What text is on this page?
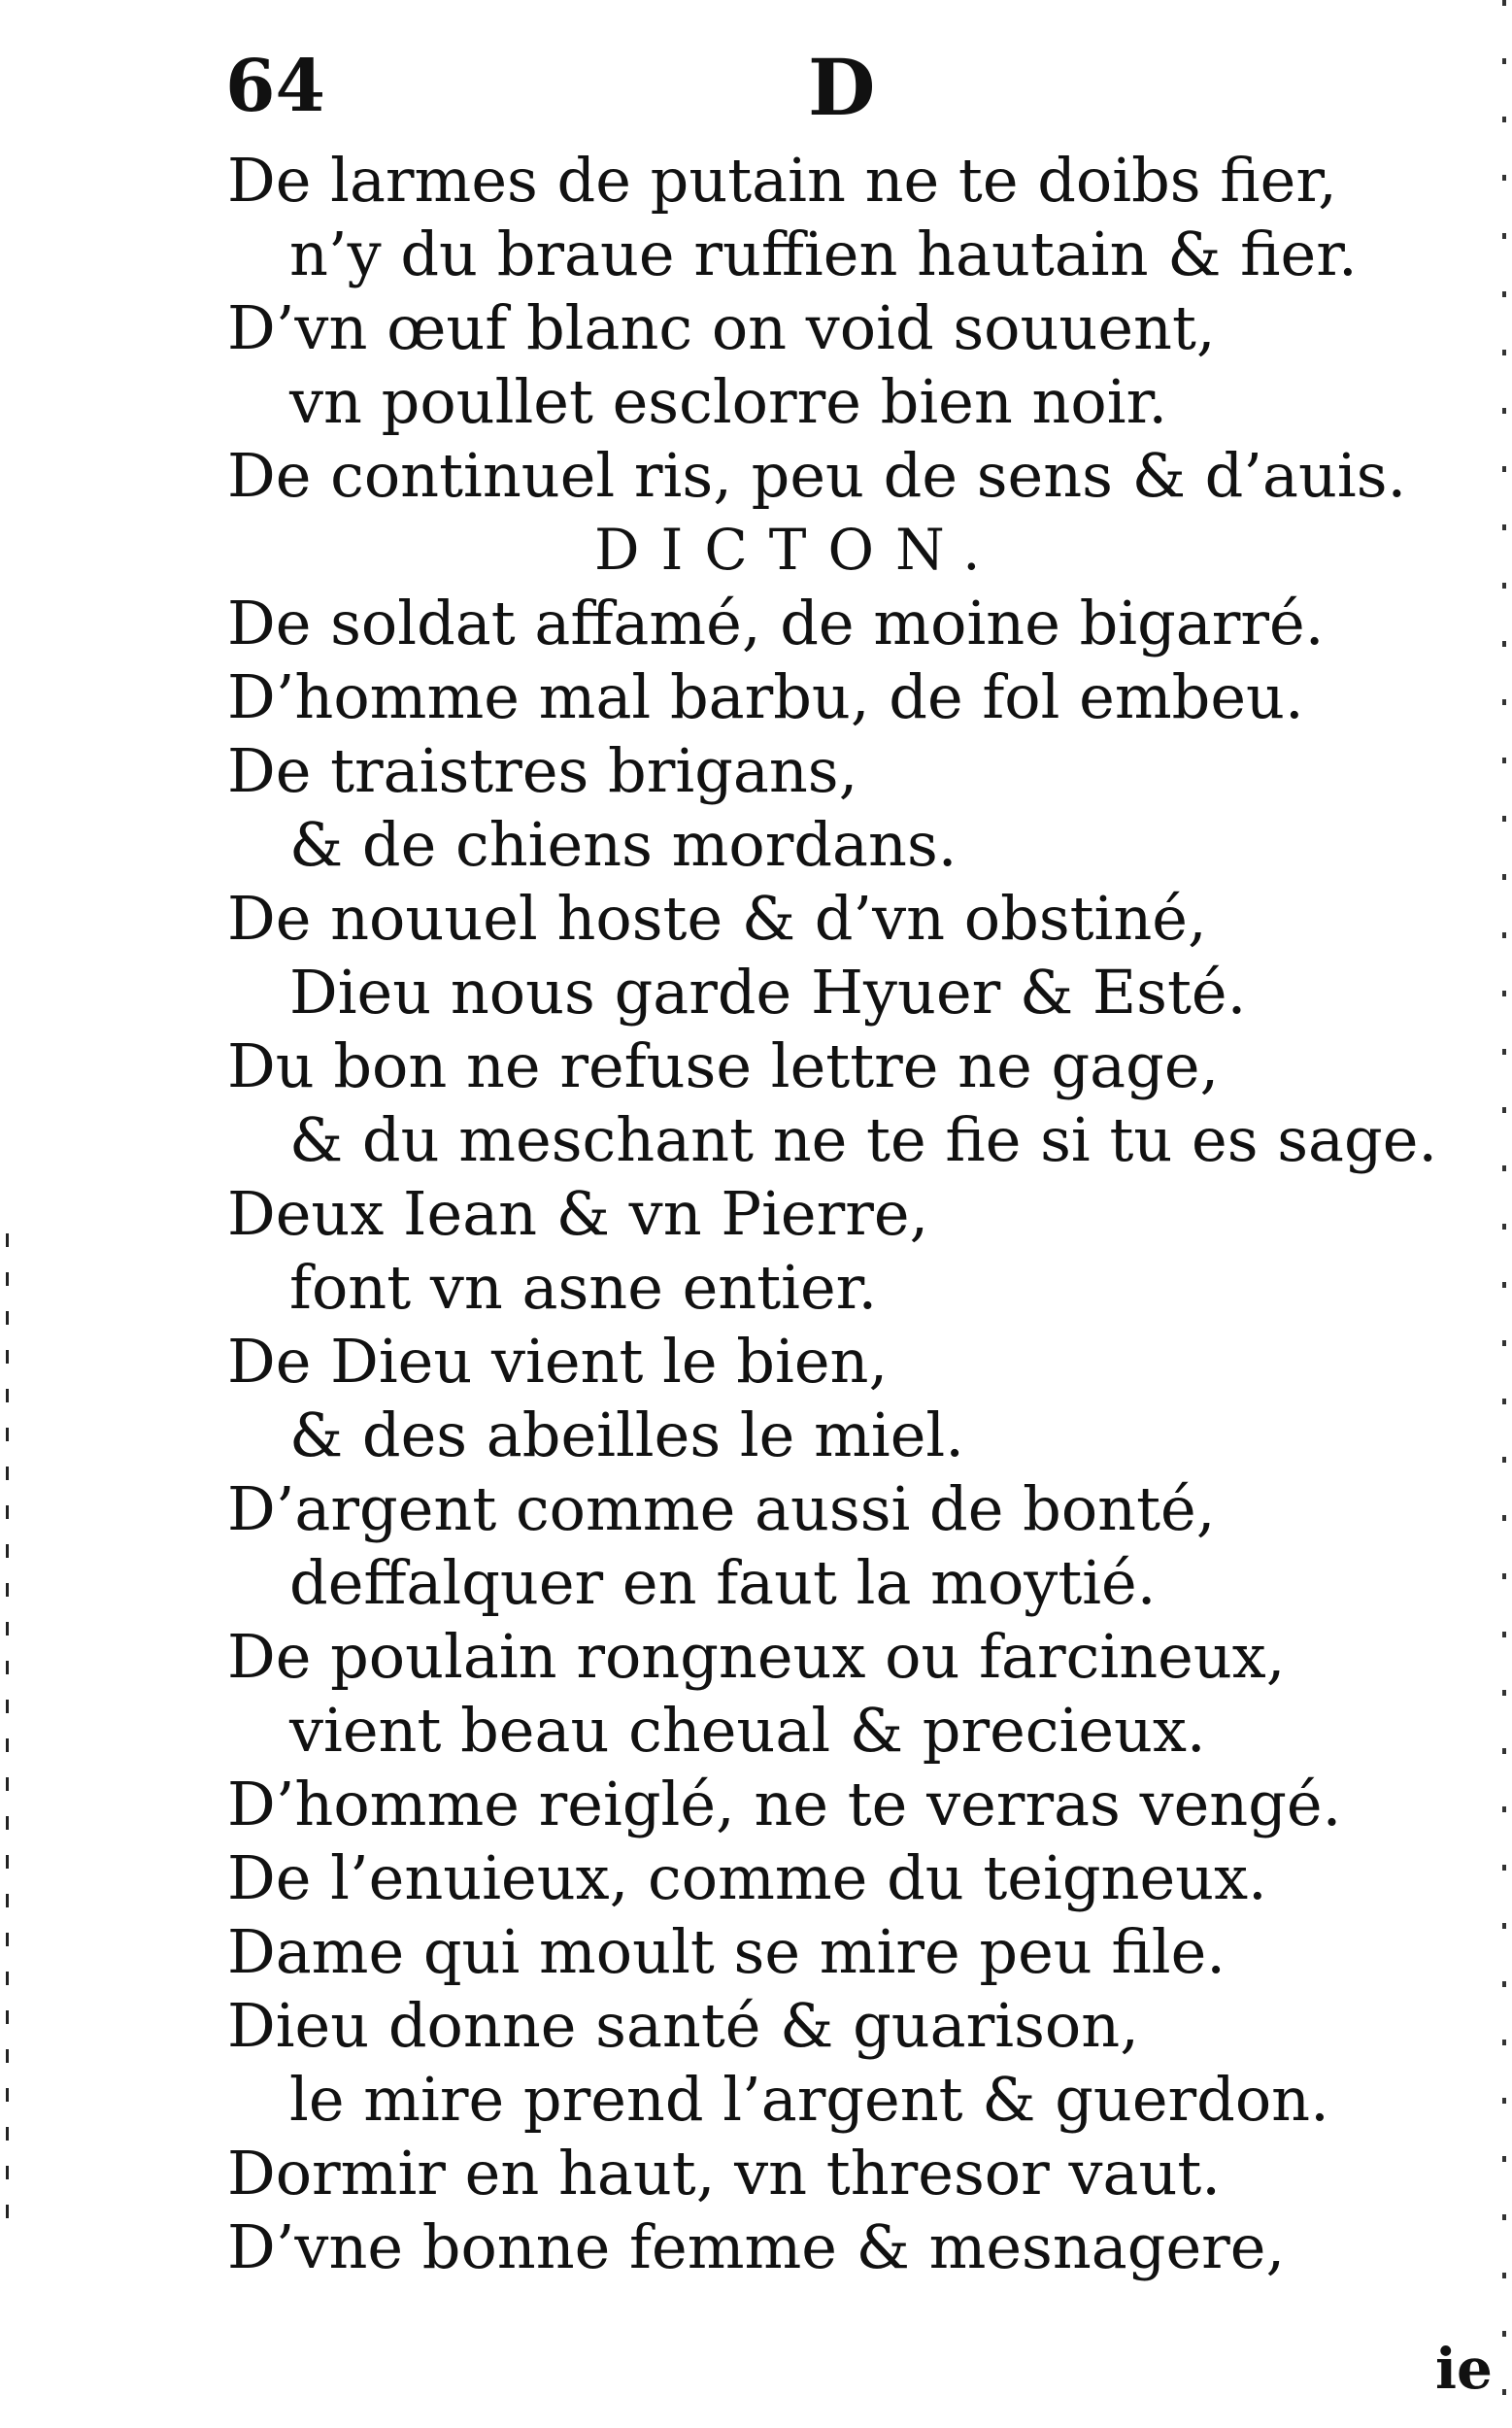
64	D
De larmes de putain ne te doibs fier,
n’y du braue ruffien hautain & fier.
D’vn œuf blanc on void souuent,
vn poullet esclorre bien noir.
De continuel ris, peu de sens & d’auis.
DICTON.
De soldat affamé, de moine bigarré.
D’homme mal barbu, de fol embeu.
De traistres brigans,
& de chiens mordans.
De nouuel hoste & d’vn obstiné,
Dieu nous garde Hyuer & Esté.
Du bon ne refuse lettre ne gage,
& du meschant ne te fie si tu es sage.
Deux Iean & vn Pierre,
font vn asne entier.
De Dieu vient le bien,
& des abeilles le miel.
D’argent comme aussi de bonté,
deffalquer en faut la moytié.
De poulain rongneux ou farcineux,
vient beau cheual & precieux.
D’homme reiglé, ne te verras vengé.
De l’enuieux, comme du teigneux.
Dame qui moult se mire peu file.
Dieu donne santé & guarison,
le mire prend l’argent & guerdon.
Dormir en haut, vn thresor vaut.
D’vne bonne femme & mesnagere,
ie
